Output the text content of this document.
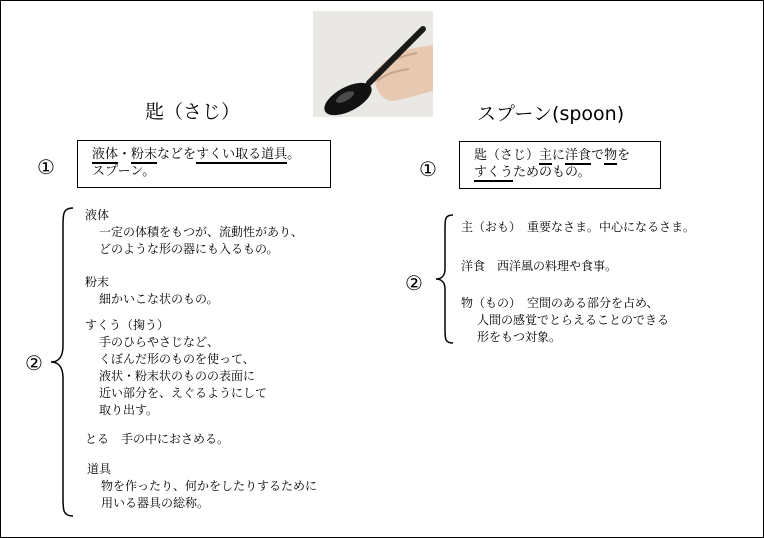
匙（さじ）
①
液体・粉末などをすくい取る道具。
スプーン。
②
液体
一定の体積をもつが、流動性があり、
どのような形の器にも入るもの。
粉末
細かいこな状のもの。
すくう（掬う）
手のひらやさじなど、
くぼんだ形のものを使って、
液状・粉末状のものの表面に
近い部分を、えぐるようにして
取り出す。
とる　手の中におさめる。
道具
物を作ったり、何かをしたりするために
用いる器具の総称。
スプーン(spoon)
①
匙（さじ）主に洋食で物を
すくうためのもの。
②
主（おも）　重要なさま。中心になるさま。
洋食　西洋風の料理や食事。
物（もの）　空間のある部分を占め、
人間の感覚でとらえることのできる
形をもつ対象。
